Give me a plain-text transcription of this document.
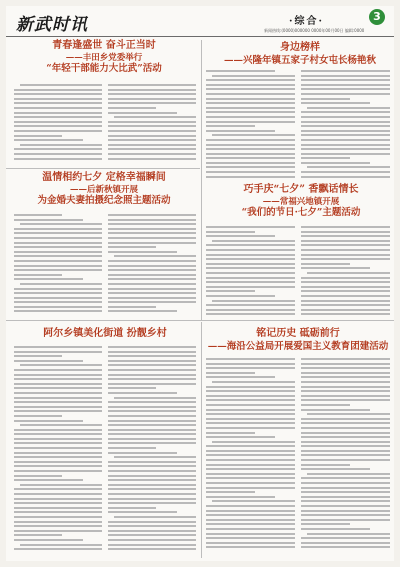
新武时讯	·综合·	3
新闻热线:(0000)000000 0000年00月00日 编辑:0000
青春逢盛世 奋斗正当时
——丰田乡党委举行
“年轻干部能力大比武”活动
身边榜样
——兴隆年镇五家子村女屯长杨艳秋
温情相约七夕 定格幸福瞬间
——后新秋镇开展
为金婚夫妻拍摄纪念照主题活动
巧手庆“七夕” 香飘话情长
——常福兴地镇开展
“我们的节日·七夕”主题活动
阿尔乡镇美化街道 扮靓乡村	铭记历史 砥砺前行
——海沿公益局开展爱国主义教育团建活动
